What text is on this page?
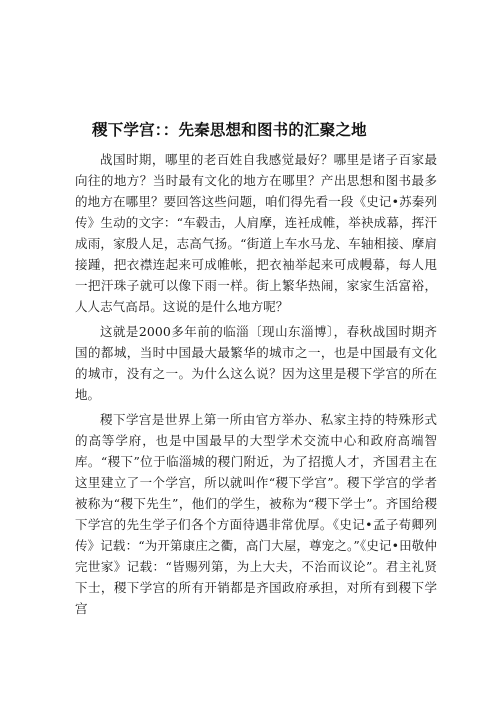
稷下学宫：：先秦思想和图书的汇聚之地

战国时期，哪里的老百姓自我感觉最好？哪里是诸子百家最向往的地方？当时最有文化的地方在哪里？产出思想和图书最多的地方在哪里？要回答这些问题，咱们得先看一段《史记•苏秦列传》生动的文字：“车毂击，人肩摩，连衽成帷，举袂成幕，挥汗成雨，家殷人足，志高气扬。“街道上车水马龙、车轴相接、摩肩接踵，把衣襟连起来可成帷帐，把衣袖举起来可成幔幕，每人甩一把汗珠子就可以像下雨一样。街上繁华热闹，家家生活富裕，人人志气高昂。这说的是什么地方呢？

这就是2000多年前的临淄〔现山东淄博〕，春秋战国时期齐国的都城，当时中国最大最繁华的城市之一，也是中国最有文化的城市，没有之一。为什么这么说？因为这里是稷下学宫的所在地。

稷下学宫是世界上第一所由官方举办、私家主持的特殊形式的高等学府，也是中国最早的大型学术交流中心和政府高端智库。“稷下”位于临淄城的稷门附近，为了招揽人才，齐国君主在这里建立了一个学宫，所以就叫作“稷下学宫”。稷下学宫的学者被称为“稷下先生”，他们的学生，被称为“稷下学士”。齐国给稷下学宫的先生学子们各个方面待遇非常优厚。《史记•孟子荀卿列传》记载：“为开第康庄之衢，高门大屋，尊宠之。”《史记•田敬仲完世家》记载：“皆赐列第，为上大夫，不治而议论”。君主礼贤下士，稷下学宫的所有开销都是齐国政府承担，对所有到稷下学宫
